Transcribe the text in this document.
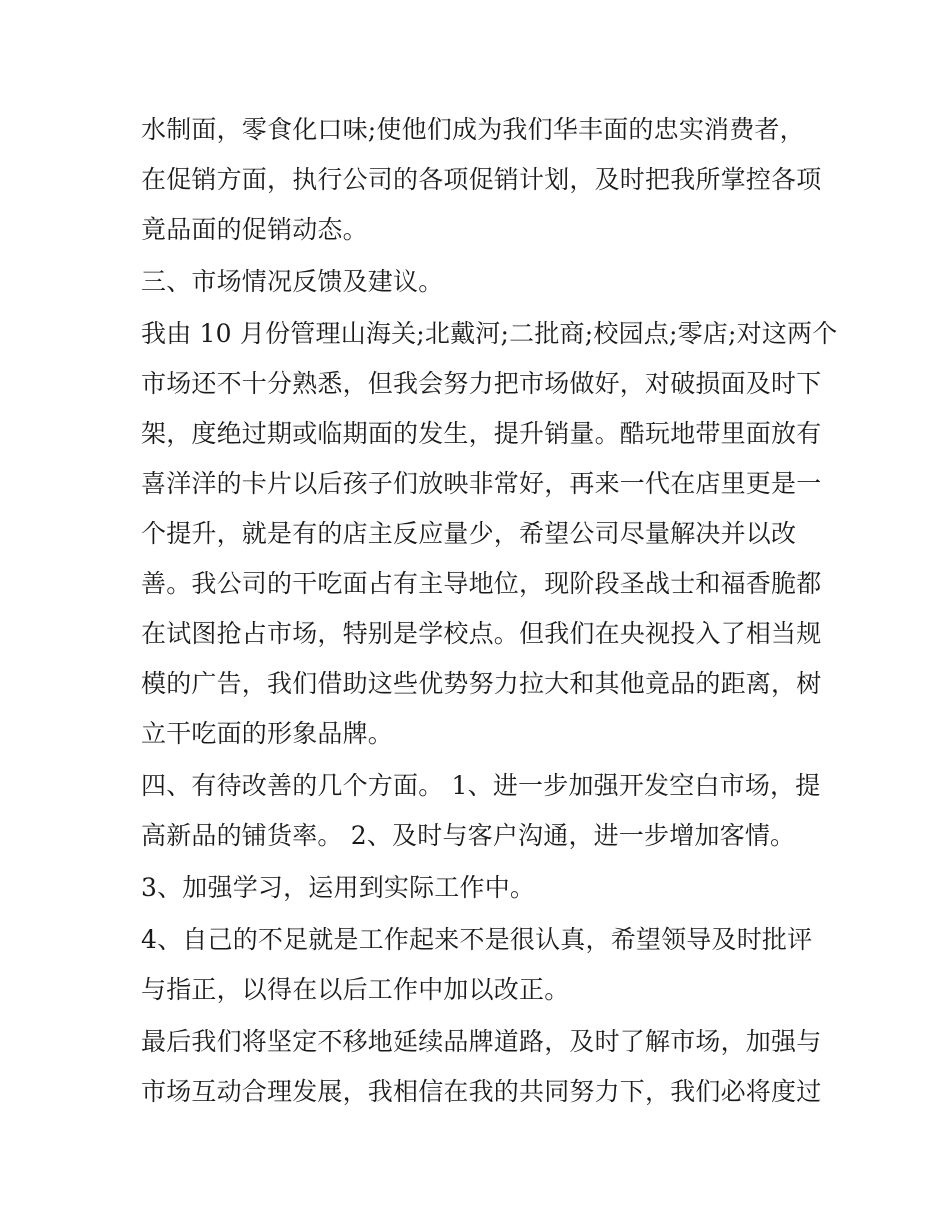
水制面，零食化口味;使他们成为我们华丰面的忠实消费者，
在促销方面，执行公司的各项促销计划，及时把我所掌控各项
竟品面的促销动态。
三、市场情况反馈及建议。
我由 10 月份管理山海关;北戴河;二批商;校园点;零店;对这两个
市场还不十分熟悉，但我会努力把市场做好，对破损面及时下
架，度绝过期或临期面的发生，提升销量。酷玩地带里面放有
喜洋洋的卡片以后孩子们放映非常好，再来一代在店里更是一
个提升，就是有的店主反应量少，希望公司尽量解决并以改
善。我公司的干吃面占有主导地位，现阶段圣战士和福香脆都
在试图抢占市场，特别是学校点。但我们在央视投入了相当规
模的广告，我们借助这些优势努力拉大和其他竟品的距离，树
立干吃面的形象品牌。
四、有待改善的几个方面。 1、进一步加强开发空白市场，提
高新品的铺货率。 2、及时与客户沟通，进一步增加客情。
3、加强学习，运用到实际工作中。
4、自己的不足就是工作起来不是很认真，希望领导及时批评
与指正，以得在以后工作中加以改正。
最后我们将坚定不移地延续品牌道路，及时了解市场，加强与
市场互动合理发展，我相信在我的共同努力下，我们必将度过
